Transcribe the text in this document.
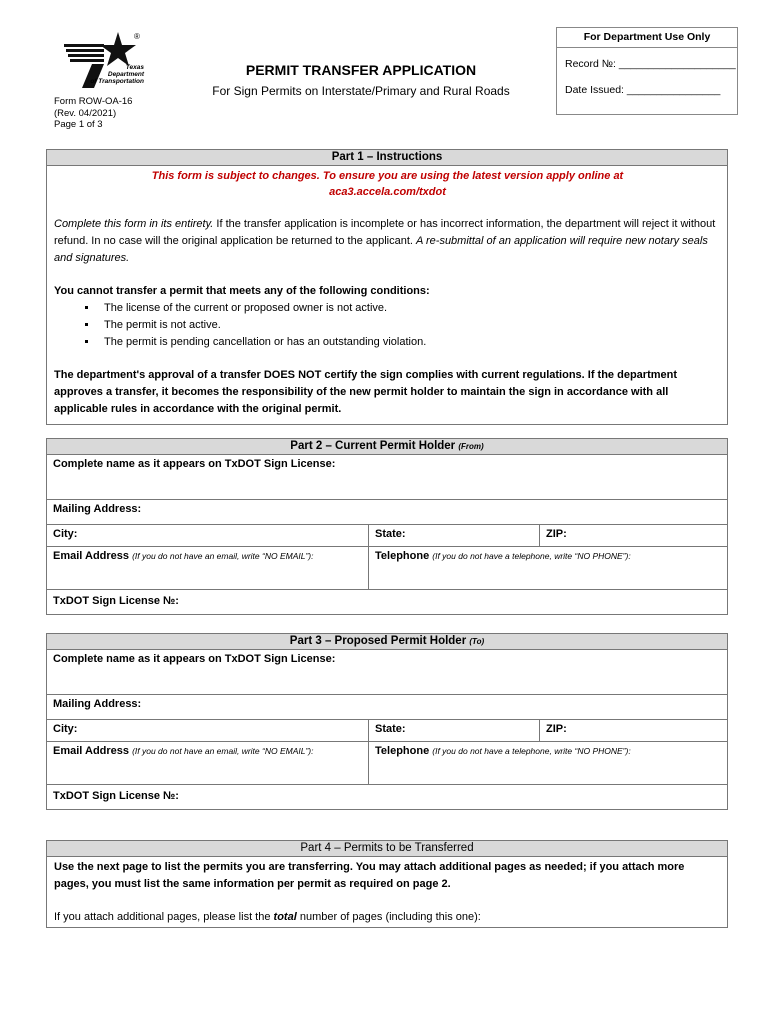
®
Texas
Department
of Transportation
Form ROW-OA-16
(Rev. 04/2021)
Page 1 of 3
PERMIT TRANSFER APPLICATION
For Sign Permits on Interstate/Primary and Rural Roads
For Department Use Only
Record №: ____________________
Date Issued: ________________
Part 1 – Instructions
This form is subject to changes. To ensure you are using the latest version apply online at
aca3.accela.com/txdot

Complete this form in its entirety. If the transfer application is incomplete or has incorrect information, the department will reject it without refund. In no case will the original application be returned to the applicant. A re-submittal of an application will require new notary seals and signatures.

You cannot transfer a permit that meets any of the following conditions:

▪ The license of the current or proposed owner is not active.
▪ The permit is not active.
▪ The permit is pending cancellation or has an outstanding violation.

The department's approval of a transfer DOES NOT certify the sign complies with current regulations. If the department approves a transfer, it becomes the responsibility of the new permit holder to maintain the sign in accordance with all applicable rules in accordance with the original permit.

Part 2 – Current Permit Holder (From)
Complete name as it appears on TxDOT Sign License:
Mailing Address:
City:	State:	ZIP:
Email Address (If you do not have an email, write “NO EMAIL”):	Telephone (If you do not have a telephone, write “NO PHONE”):
TxDOT Sign License №:
Part 3 – Proposed Permit Holder (To)
Complete name as it appears on TxDOT Sign License:
Mailing Address:
City:	State:	ZIP:
Email Address (If you do not have an email, write “NO EMAIL”):	Telephone (If you do not have a telephone, write “NO PHONE”):
TxDOT Sign License №:
Part 4 – Permits to be Transferred

Use the next page to list the permits you are transferring. You may attach additional pages as needed; if you attach more pages, you must list the same information per permit as required on page 2.

If you attach additional pages, please list the total number of pages (including this one):
